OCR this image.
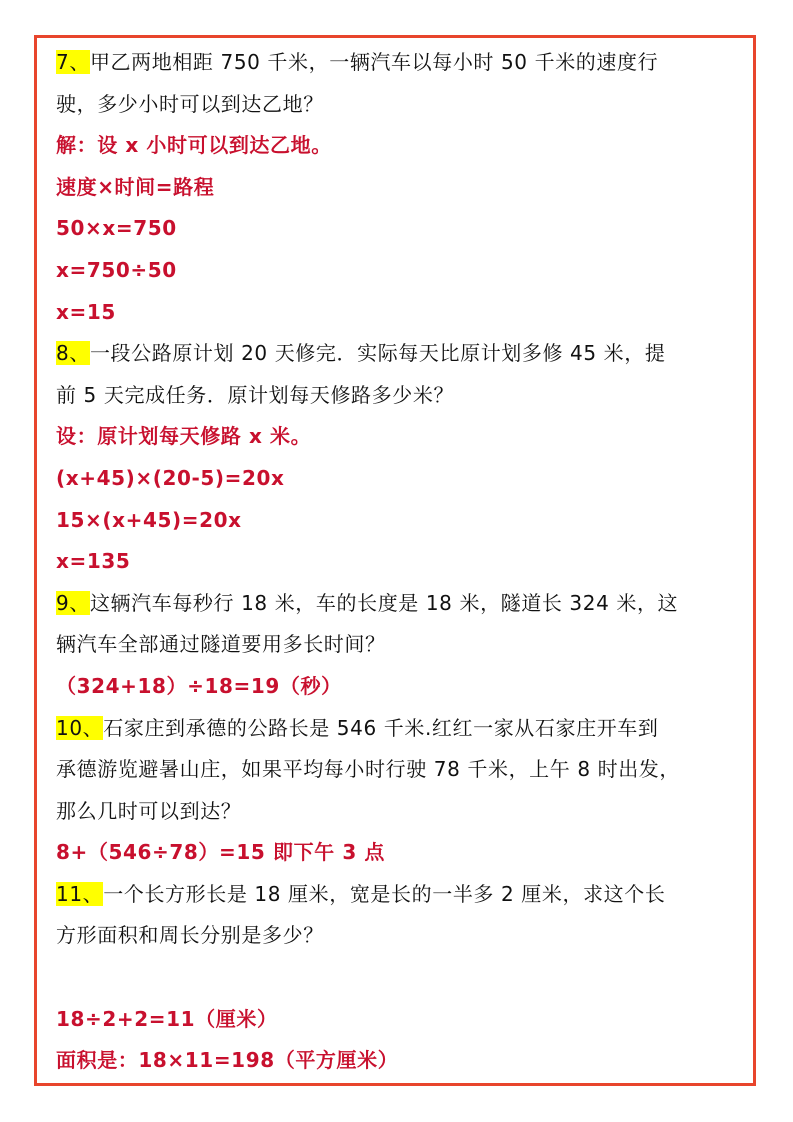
7、甲乙两地相距 750 千米，一辆汽车以每小时 50 千米的速度行
驶，多少小时可以到达乙地？
解：设 x 小时可以到达乙地。
速度×时间=路程
50×x=750
x=750÷50
x=15
8、一段公路原计划 20 天修完．实际每天比原计划多修 45 米，提
前 5 天完成任务．原计划每天修路多少米？
设：原计划每天修路 x 米。
(x+45)×(20-5)=20x
15×(x+45)=20x
x=135
9、这辆汽车每秒行 18 米，车的长度是 18 米，隧道长 324 米，这
辆汽车全部通过隧道要用多长时间？
（324+18）÷18=19（秒）
10、石家庄到承德的公路长是 546 千米.红红一家从石家庄开车到
承德游览避暑山庄，如果平均每小时行驶 78 千米，上午 8 时出发，
那么几时可以到达？
8+（546÷78）=15 即下午 3 点
11、一个长方形长是 18 厘米，宽是长的一半多 2 厘米，求这个长
方形面积和周长分别是多少？
18÷2+2=11（厘米）
面积是：18×11=198（平方厘米）
